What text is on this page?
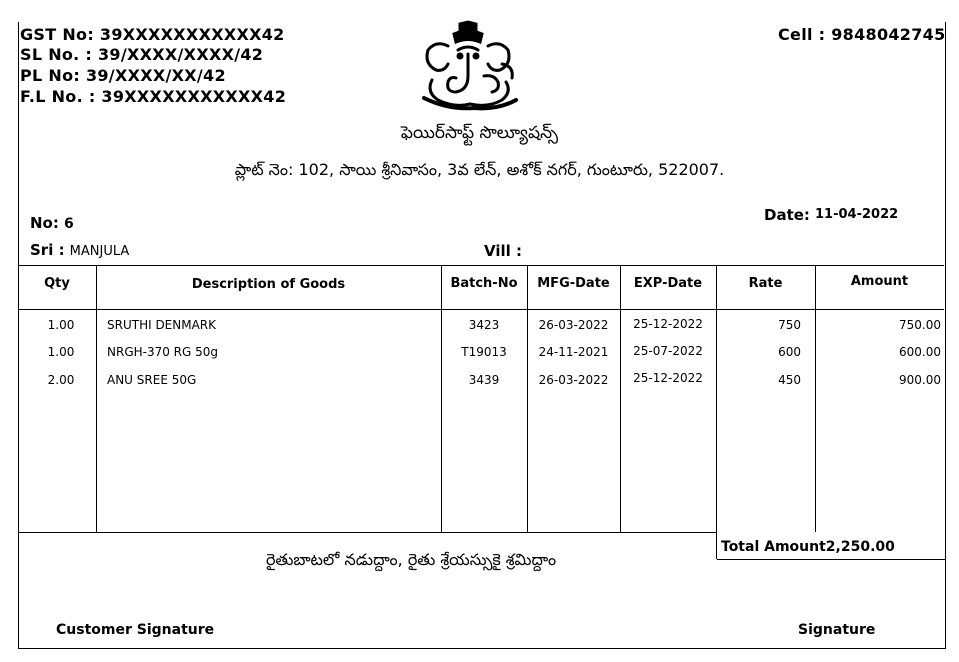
GST No: 39XXXXXXXXXXX42
SL No. : 39/XXXX/XXXX/42
PL No: 39/XXXX/XX/42
F.L No. : 39XXXXXXXXXXX42
Cell : 9848042745
ఫెయిర్‌సాఫ్ట్ సొల్యూషన్స్
ప్లాట్ నెం: 102, సాయి శ్రీనివాసం, 3వ లేన్, అశోక్ నగర్, గుంటూరు, 522007.
No: 6	Date: 11-04-2022
Sri : MANJULA	Vill :
Qty	Description of Goods	Batch-No	MFG-Date	EXP-Date	Rate	Amount
1.00	SRUTHI DENMARK	3423	26-03-2022	25-12-2022	750	750.00
1.00	NRGH-370 RG 50g	T19013	24-11-2021	25-07-2022	600	600.00
2.00	ANU SREE 50G	3439	26-03-2022	25-12-2022	450	900.00
Total Amount2,250.00
రైతుబాటలో నడుద్దాం, రైతు శ్రేయస్సుకై శ్రమిద్దాం
Customer Signature	Signature
